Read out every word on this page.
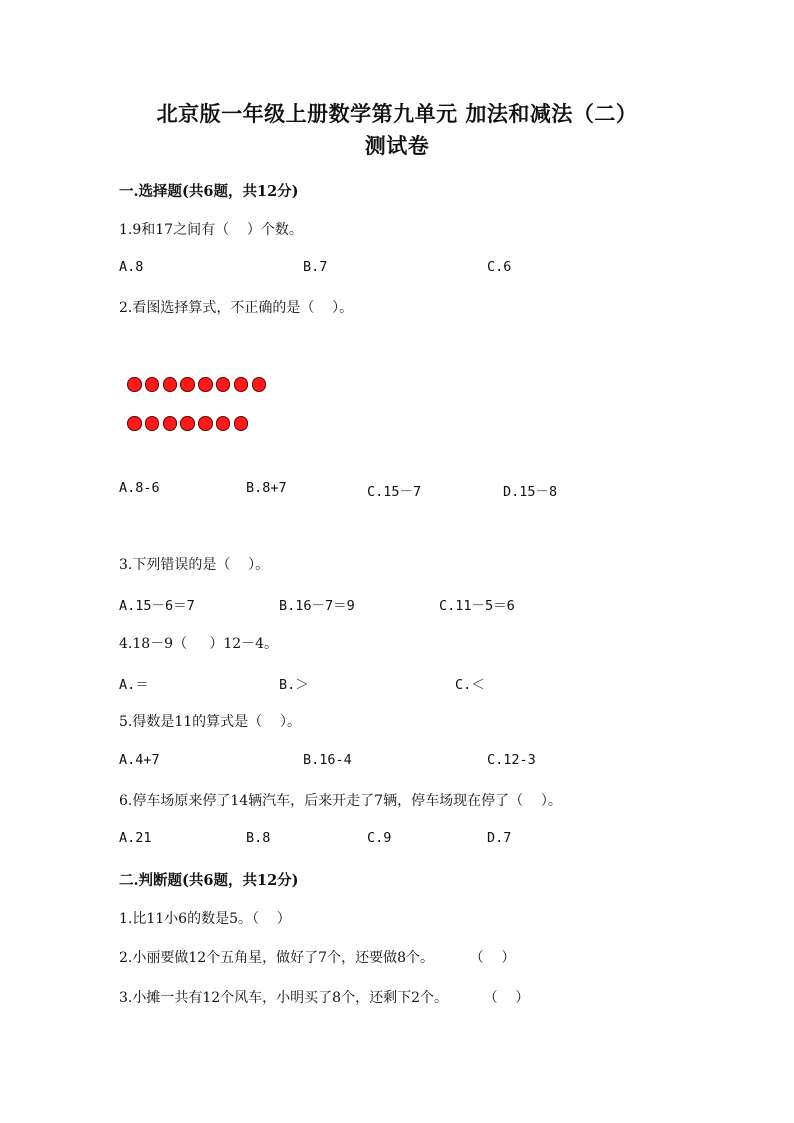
北京版一年级上册数学第九单元 加法和减法（二）
测试卷
一.选择题(共6题，共12分)
1.9和17之间有（    ）个数。
A.8	B.7	C.6
2.看图选择算式，不正确的是（    ）。
A.8-6	B.8+7	C.15－7	D.15－8
3.下列错误的是（    ）。
A.15－6＝7	B.16－7＝9	C.11－5＝6
4.18－9（     ）12－4。
A.＝	B.＞	C.＜
5.得数是11的算式是（    ）。
A.4+7	B.16-4	C.12-3
6.停车场原来停了14辆汽车，后来开走了7辆，停车场现在停了（    ）。
A.21	B.8	C.9	D.7
二.判断题(共6题，共12分)
1.比11小6的数是5。（    ）
2.小丽要做12个五角星，做好了7个，还要做8个。        （    ）
3.小摊一共有12个风车，小明买了8个，还剩下2个。        （    ）
